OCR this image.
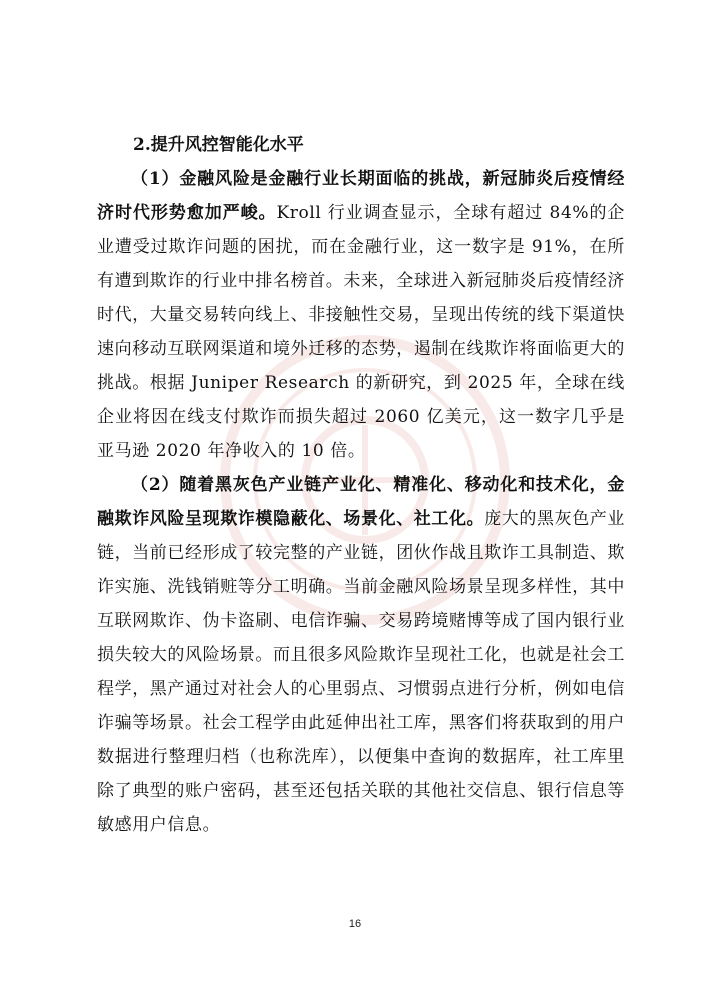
2.提升风控智能化水平

（1）金融风险是金融行业长期面临的挑战，新冠肺炎后疫情经济时代形势愈加严峻。Kroll 行业调查显示，全球有超过 84%的企业遭受过欺诈问题的困扰，而在金融行业，这一数字是 91%，在所有遭到欺诈的行业中排名榜首。未来，全球进入新冠肺炎后疫情经济时代，大量交易转向线上、非接触性交易，呈现出传统的线下渠道快速向移动互联网渠道和境外迁移的态势，遏制在线欺诈将面临更大的挑战。根据 Juniper Research 的新研究，到 2025 年，全球在线企业将因在线支付欺诈而损失超过 2060 亿美元，这一数字几乎是亚马逊 2020 年净收入的 10 倍。

（2）随着黑灰色产业链产业化、精准化、移动化和技术化，金融欺诈风险呈现欺诈模隐蔽化、场景化、社工化。庞大的黑灰色产业链，当前已经形成了较完整的产业链，团伙作战且欺诈工具制造、欺诈实施、洗钱销赃等分工明确。当前金融风险场景呈现多样性，其中互联网欺诈、伪卡盗刷、电信诈骗、交易跨境赌博等成了国内银行业损失较大的风险场景。而且很多风险欺诈呈现社工化，也就是社会工程学，黑产通过对社会人的心里弱点、习惯弱点进行分析，例如电信诈骗等场景。社会工程学由此延伸出社工库，黑客们将获取到的用户数据进行整理归档（也称洗库），以便集中查询的数据库，社工库里除了典型的账户密码，甚至还包括关联的其他社交信息、银行信息等敏感用户信息。

16
